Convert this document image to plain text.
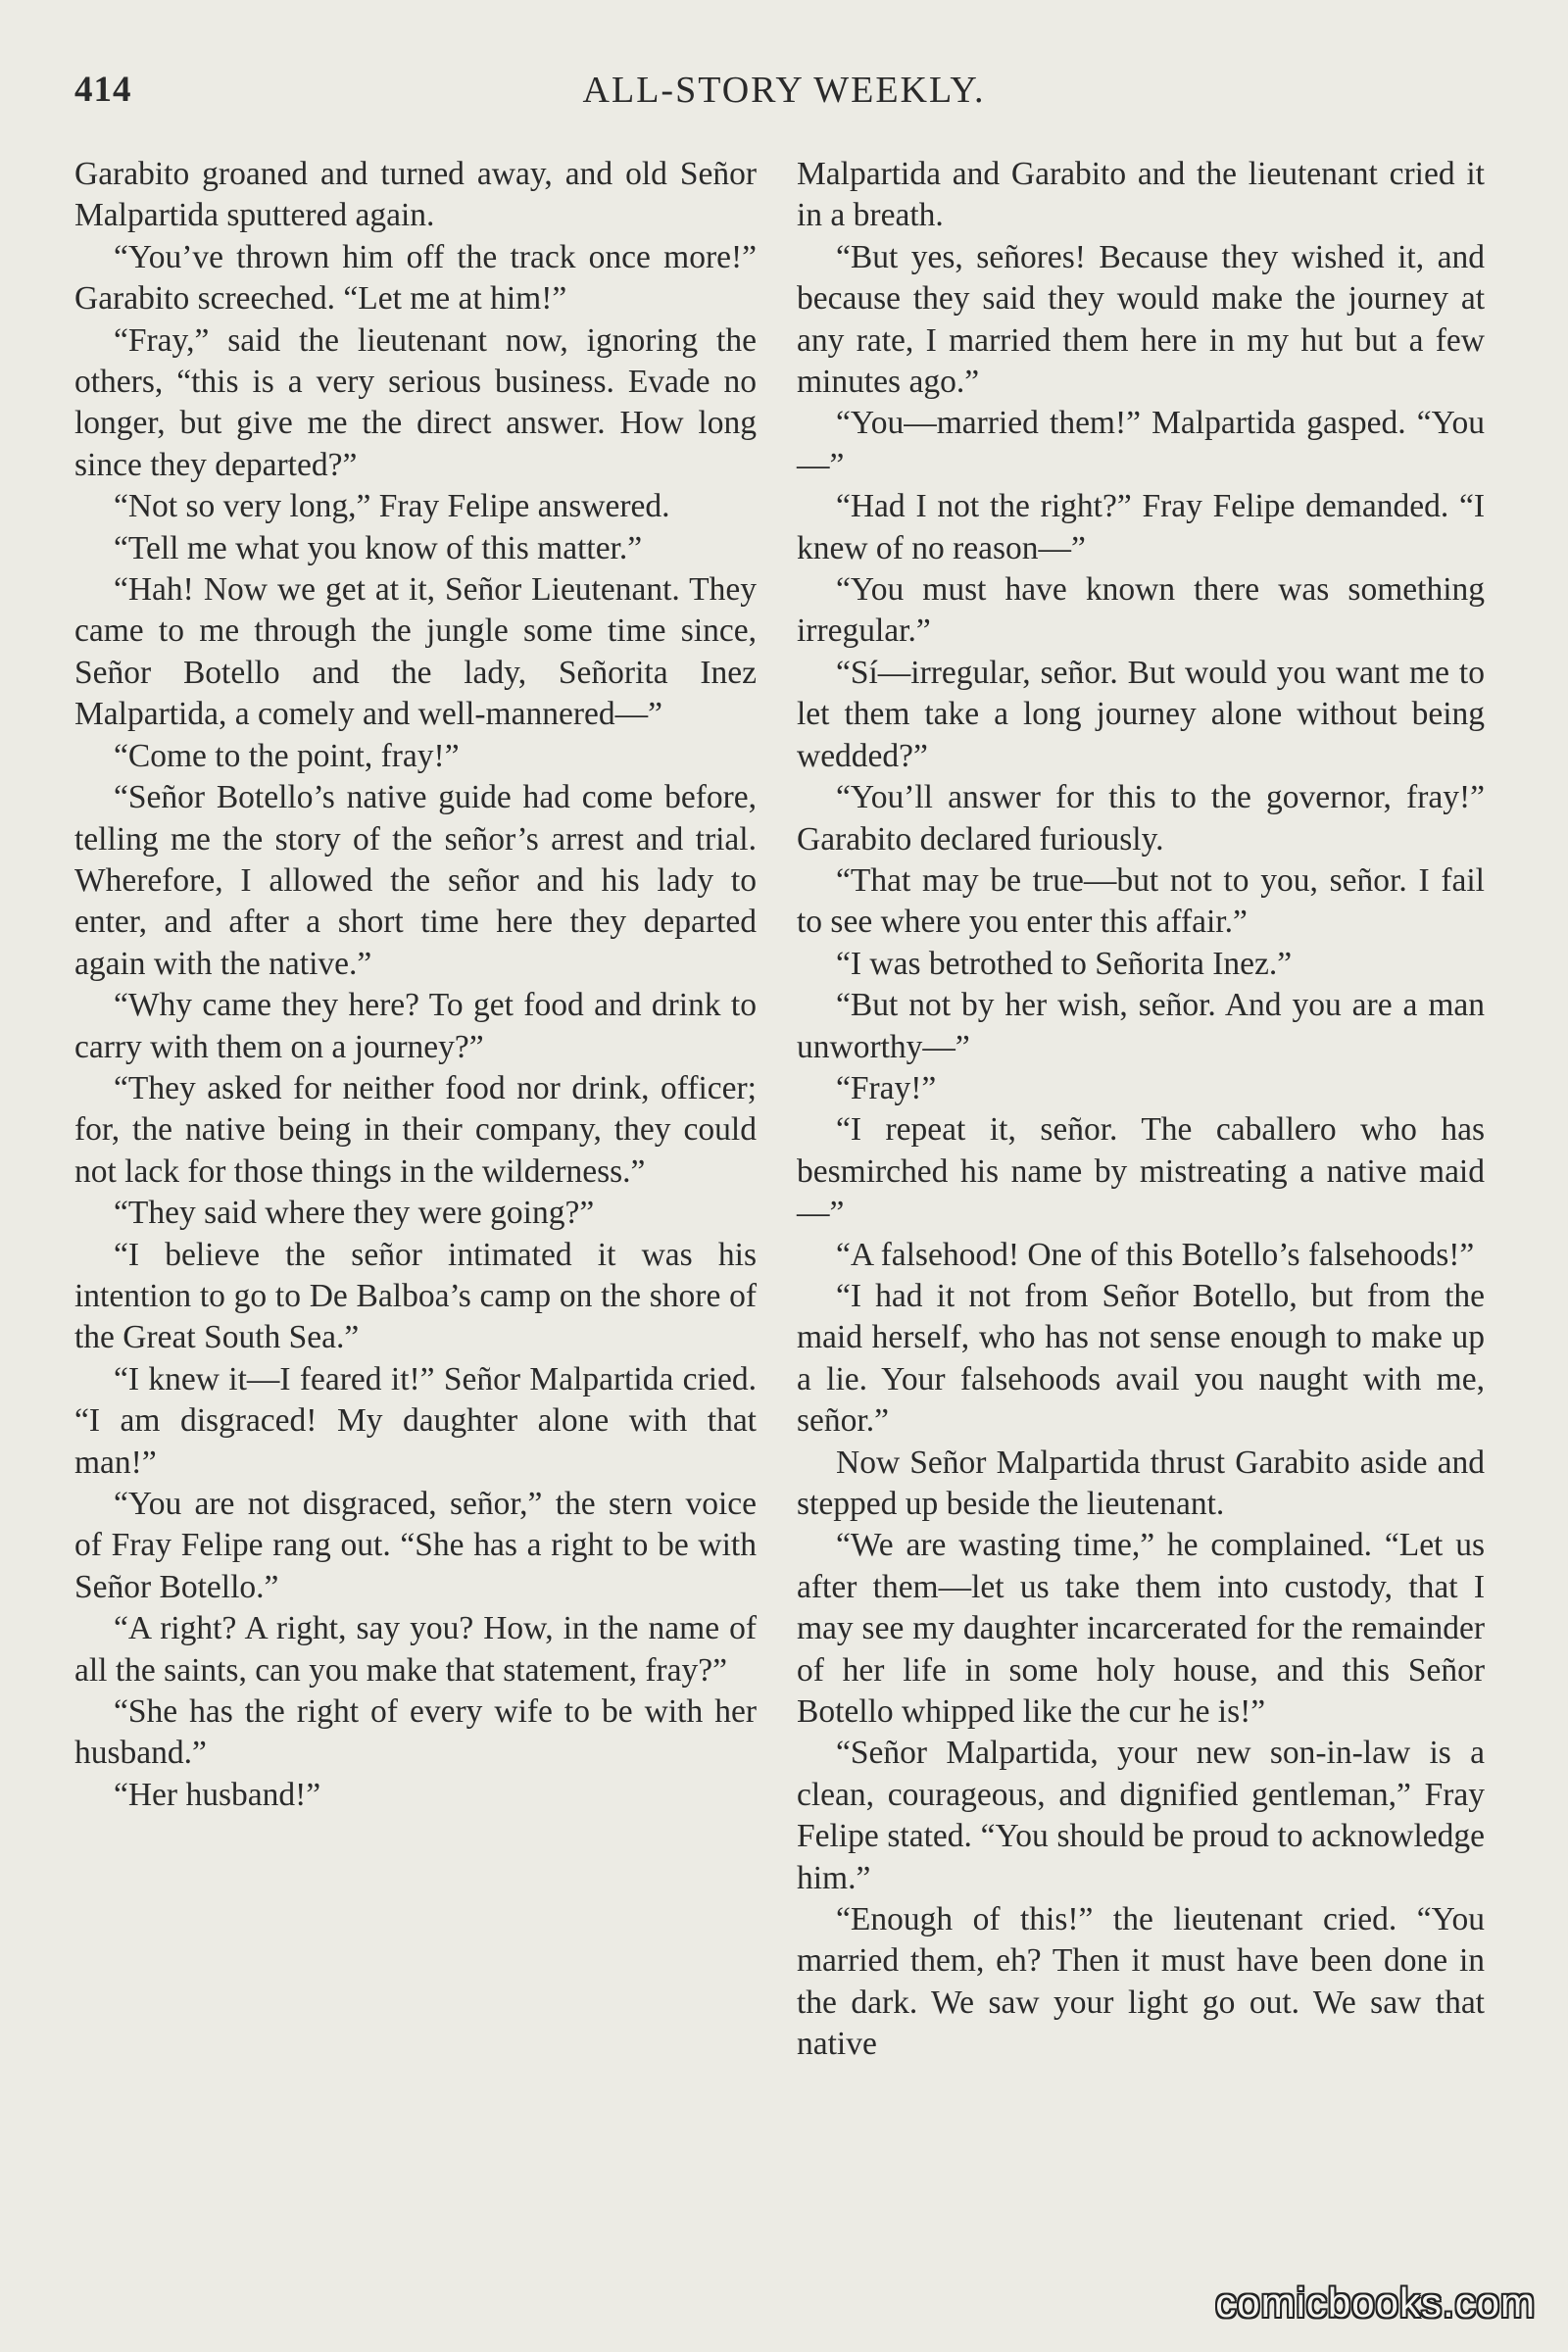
414	ALL-STORY WEEKLY.

Garabito groaned and turned away, and old Señor Malpartida sputtered again.

“You’ve thrown him off the track once more!” Garabito screeched. “Let me at him!”

“Fray,” said the lieutenant now, ignoring the others, “this is a very serious business. Evade no longer, but give me the direct answer. How long since they departed?”

“Not so very long,” Fray Felipe answered.

“Tell me what you know of this matter.”

“Hah! Now we get at it, Señor Lieutenant. They came to me through the jungle some time since, Señor Botello and the lady, Señorita Inez Malpartida, a comely and well-mannered—”

“Come to the point, fray!”

“Señor Botello’s native guide had come before, telling me the story of the señor’s arrest and trial. Wherefore, I allowed the señor and his lady to enter, and after a short time here they departed again with the native.”

“Why came they here? To get food and drink to carry with them on a journey?”

“They asked for neither food nor drink, officer; for, the native being in their company, they could not lack for those things in the wilderness.”

“They said where they were going?”

“I believe the señor intimated it was his intention to go to De Balboa’s camp on the shore of the Great South Sea.”

“I knew it—I feared it!” Señor Malpartida cried. “I am disgraced! My daughter alone with that man!”

“You are not disgraced, señor,” the stern voice of Fray Felipe rang out. “She has a right to be with Señor Botello.”

“A right? A right, say you? How, in the name of all the saints, can you make that statement, fray?”

“She has the right of every wife to be with her husband.”

“Her husband!”

Malpartida and Garabito and the lieutenant cried it in a breath.

“But yes, señores! Because they wished it, and because they said they would make the journey at any rate, I married them here in my hut but a few minutes ago.”

“You—married them!” Malpartida gasped. “You—”

“Had I not the right?” Fray Felipe demanded. “I knew of no reason—”

“You must have known there was something irregular.”

“Sí—irregular, señor. But would you want me to let them take a long journey alone without being wedded?”

“You’ll answer for this to the governor, fray!” Garabito declared furiously.

“That may be true—but not to you, señor. I fail to see where you enter this affair.”

“I was betrothed to Señorita Inez.”

“But not by her wish, señor. And you are a man unworthy—”

“Fray!”

“I repeat it, señor. The caballero who has besmirched his name by mistreating a native maid—”

“A falsehood! One of this Botello’s falsehoods!”

“I had it not from Señor Botello, but from the maid herself, who has not sense enough to make up a lie. Your falsehoods avail you naught with me, señor.”

Now Señor Malpartida thrust Garabito aside and stepped up beside the lieutenant.

“We are wasting time,” he complained. “Let us after them—let us take them into custody, that I may see my daughter incarcerated for the remainder of her life in some holy house, and this Señor Botello whipped like the cur he is!”

“Señor Malpartida, your new son-in-law is a clean, courageous, and dignified gentleman,” Fray Felipe stated. “You should be proud to acknowledge him.”

“Enough of this!” the lieutenant cried. “You married them, eh? Then it must have been done in the dark. We saw your light go out. We saw that native

comicbooks.com
